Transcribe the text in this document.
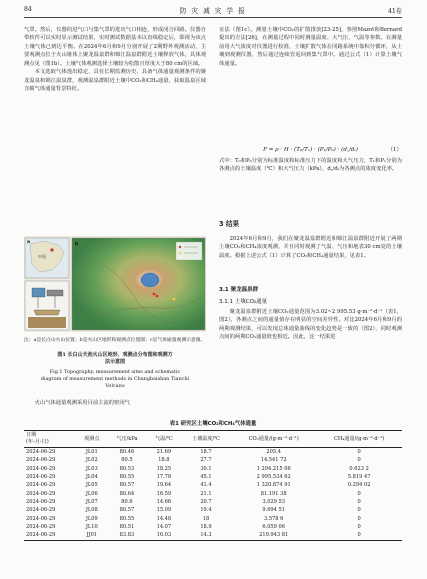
84	防 灾 减 灾 学 报	41卷

气罩。然后，仪器的进气口与集气罩的进出气口相连，形成闭合回路。仪器自带软件可以实时显示测试结果，实时测试数据基本以直线稳定后，即视为该点土壤气体已到达平衡。在2024年6月和9月分别开展了2期野外观测活动，主要观测点位于火山锥体上聚龙温泉群和锦江温泉群附近土壤释放气体，具体观测点见（图1b）。土壤气体观测选择土壤较为松散且厚度大于80 cm的区域。

本文选取气体逸出稳定、具有长期监测历史、具备气体通量观测条件的聚龙温泉和锦江温泉群，观测温泉群附近土壤中CO₂和CH₄通量，获取温泉区域含碳气体通量背景特征。

中国
a	b
注：a是长白山火山位置；b是火山区地形和观测点位置图；c是气体通量观测示意图。
图1 长白山天池火山区地形、观测点分布图和观测方
法示意图
Fig.1 Topography, measurement sites and schematic
diagram of measurement methods in Changbaishan Tianchi
Volcano
火山气体通量观测采用目前主流的密闭气

室法（图1c）。测量土壤中CO₂的扩散排放[23-25]，参照Mazot和Bernard提出的方法[26]，在测量过程中同时测量温度、大气压、气温等参数。在测量前用大气浓度对仪器进行校准，土壤扩散气体在闭路系统中靠积分循环，从土壤到观测仪器，然后通过连续管返回到集气罩中。通过公式（1）计算土壤气体通量。

F = ρ · H · (T₀/T₁) · (P₁/P₀) · (d꜀/dₜ)	（1）
式中：T₀和P₀分别为标准温度和标准压力下的温度和大气压力，T₁和P₁分别为各测点的土壤温度（℃）和大气压力（kPa），d꜀/dₜ为各测点的浓度变化率。
3 结果
2024年6月和9月，我们在聚龙温泉群附近和锦江温泉群附近开展了两期土壤CO₂和CH₄浓度观测，并且同时观测了气温、气压和地表30 cm处的土壤温度。根据上述公式（1）计算了CO₂和CH₄通量结果，见表1。
3.1 聚龙温泉群
3.1.1 土壤CO₂通量
聚龙温泉群附近土壤CO₂通量范围为3.02~2 995.53 g·m⁻²·d⁻¹（表1，图2），各测点之间的通量值存在明显的空间差异性。对比2024年6月和9月的两期观测结果，可以发现总体通量曲线的变化趋势是一致的（图2），同时观测点间的两期CO₂通量值也相近。因此，这一结果进
表1 研究区土壤CO₂和CH₄气体通量
日期
(年-月-日)	观测点	气压/kPa	气温/℃	土壤温度/℃	CO₂通量/(g·m⁻²·d⁻¹)	CH₄通量/(g·m⁻²·d⁻¹)
2024-06-29	JL01	80.46	21.69	18.7	205.4	0
2024-06-29	JL02	80.5	18.8	27.7	14.541 72	0
2024-06-29	JL03	80.53	18.25	30.1	1 294.215 06	0.623 2
2024-06-29	JL04	80.55	17.78	45.1	2 995.534 62	5.819 47
2024-06-29	JL05	80.57	19.64	41.4	1 320.874 91	0.294 02
2024-06-29	JL06	80.64	16.59	21.1	81.191 38	0
2024-06-29	JL07	80.6	14.66	20.7	3.029 53	0
2024-06-29	JL08	80.57	15.09	19.4	9.694 51	0
2024-06-29	JL09	80.55	14.48	18	3.578 6	0
2024-06-29	JL10	80.51	14.07	18.9	6.059 06	0
2024-06-29	JJ01	83.83	16.03	14.3	219.943 81	0
